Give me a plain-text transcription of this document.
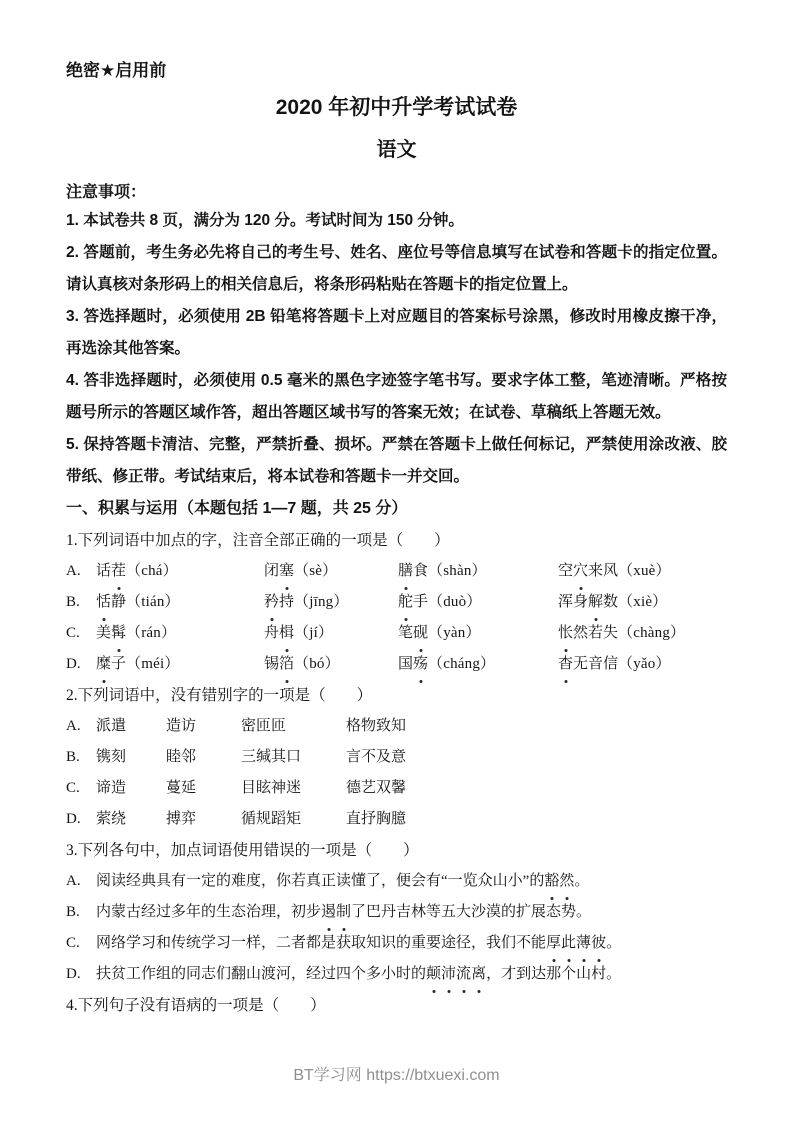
绝密★启用前
2020 年初中升学考试试卷
语文
注意事项：

1. 本试卷共 8 页，满分为 120 分。考试时间为 150 分钟。

2. 答题前，考生务必先将自己的考生号、姓名、座位号等信息填写在试卷和答题卡的指定位置。请认真核对条形码上的相关信息后，将条形码粘贴在答题卡的指定位置上。

3. 答选择题时，必须使用 2B 铅笔将答题卡上对应题目的答案标号涂黑，修改时用橡皮擦干净，再选涂其他答案。

4. 答非选择题时，必须使用 0.5 毫米的黑色字迹签字笔书写。要求字体工整，笔迹清晰。严格按题号所示的答题区域作答，超出答题区域书写的答案无效；在试卷、草稿纸上答题无效。

5. 保持答题卡清洁、完整，严禁折叠、损坏。严禁在答题卡上做任何标记，严禁使用涂改液、胶带纸、修正带。考试结束后，将本试卷和答题卡一并交回。

一、积累与运用（本题包括 1—7 题，共 25 分）
1.下列词语中加点的字，注音全部正确的一项是（　　）
A. 话茬（chá）	闭塞（sè）	膳食（shàn）	空穴来风（xuè）
B. 恬静（tián）	矜持（jīng）	舵手（duò）	浑身解数（xiè）
C. 美髯（rán）	舟楫（jí）	笔砚（yàn）	怅然若失（chàng）
D. 糜子（méi）	锡箔（bó）	国殇（cháng）	杳无音信（yǎo）
2.下列词语中，没有错别字的一项是（　　）
A. 派遣	造访	密匝匝	格物致知
B. 镌刻	睦邻	三缄其口	言不及意
C. 谛造	蔓延	目眩神迷	德艺双馨
D. 萦绕	搏弈	循规蹈矩	直抒胸臆
3.下列各句中，加点词语使用错误的一项是（　　）
A. 阅读经典具有一定的难度，你若真正读懂了，便会有“一览众山小”的豁然。
B. 内蒙古经过多年的生态治理，初步遏制了巴丹吉林等五大沙漠的扩展态势。
C. 网络学习和传统学习一样，二者都是获取知识的重要途径，我们不能厚此薄彼。
D. 扶贫工作组的同志们翻山渡河，经过四个多小时的颠沛流离，才到达那个山村。
4.下列句子没有语病的一项是（　　）
BT学习网 https://btxuexi.com
